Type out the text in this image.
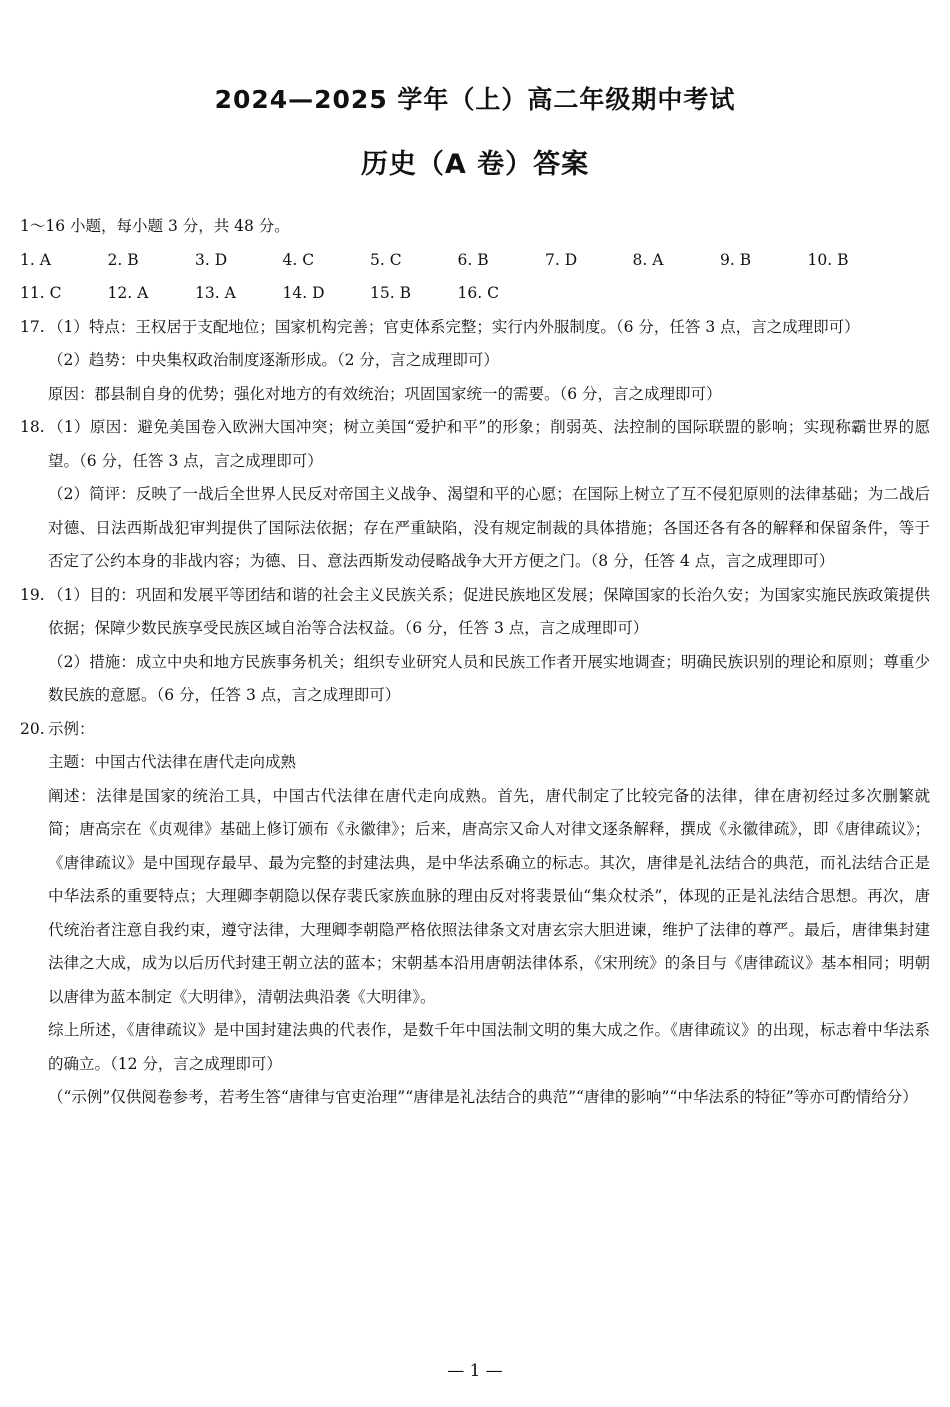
2024—2025 学年（上）高二年级期中考试
历史（A 卷）答案
1～16 小题，每小题 3 分，共 48 分。
1. A	2. B	3. D	4. C	5. C	6. B	7. D	8. A	9. B	10. B
11. C	12. A	13. A	14. D	15. B	16. C
17. （1）特点：王权居于支配地位；国家机构完善；官吏体系完整；实行内外服制度。（6 分，任答 3 点，言之成理即可）
（2）趋势：中央集权政治制度逐渐形成。（2 分，言之成理即可）
原因：郡县制自身的优势；强化对地方的有效统治；巩固国家统一的需要。（6 分，言之成理即可）
18. （1）原因：避免美国卷入欧洲大国冲突；树立美国“爱护和平”的形象；削弱英、法控制的国际联盟的影响；实现称霸世界的愿望。（6 分，任答 3 点，言之成理即可）
（2）简评：反映了一战后全世界人民反对帝国主义战争、渴望和平的心愿；在国际上树立了互不侵犯原则的法律基础；为二战后对德、日法西斯战犯审判提供了国际法依据；存在严重缺陷，没有规定制裁的具体措施；各国还各有各的解释和保留条件，等于否定了公约本身的非战内容；为德、日、意法西斯发动侵略战争大开方便之门。（8 分，任答 4 点，言之成理即可）
19. （1）目的：巩固和发展平等团结和谐的社会主义民族关系；促进民族地区发展；保障国家的长治久安；为国家实施民族政策提供依据；保障少数民族享受民族区域自治等合法权益。（6 分，任答 3 点，言之成理即可）
（2）措施：成立中央和地方民族事务机关；组织专业研究人员和民族工作者开展实地调查；明确民族识别的理论和原则；尊重少数民族的意愿。（6 分，任答 3 点，言之成理即可）
20. 示例：
主题：中国古代法律在唐代走向成熟
阐述：法律是国家的统治工具，中国古代法律在唐代走向成熟。首先，唐代制定了比较完备的法律，律在唐初经过多次删繁就简；唐高宗在《贞观律》基础上修订颁布《永徽律》；后来，唐高宗又命人对律文逐条解释，撰成《永徽律疏》，即《唐律疏议》；《唐律疏议》是中国现存最早、最为完整的封建法典，是中华法系确立的标志。其次，唐律是礼法结合的典范，而礼法结合正是中华法系的重要特点；大理卿李朝隐以保存裴氏家族血脉的理由反对将裴景仙“集众杖杀”，体现的正是礼法结合思想。再次，唐代统治者注意自我约束，遵守法律，大理卿李朝隐严格依照法律条文对唐玄宗大胆进谏，维护了法律的尊严。最后，唐律集封建法律之大成，成为以后历代封建王朝立法的蓝本；宋朝基本沿用唐朝法律体系，《宋刑统》的条目与《唐律疏议》基本相同；明朝以唐律为蓝本制定《大明律》，清朝法典沿袭《大明律》。
综上所述，《唐律疏议》是中国封建法典的代表作，是数千年中国法制文明的集大成之作。《唐律疏议》的出现，标志着中华法系的确立。（12 分，言之成理即可）
（“示例”仅供阅卷参考，若考生答“唐律与官吏治理”“唐律是礼法结合的典范”“唐律的影响”“中华法系的特征”等亦可酌情给分）
— 1 —
